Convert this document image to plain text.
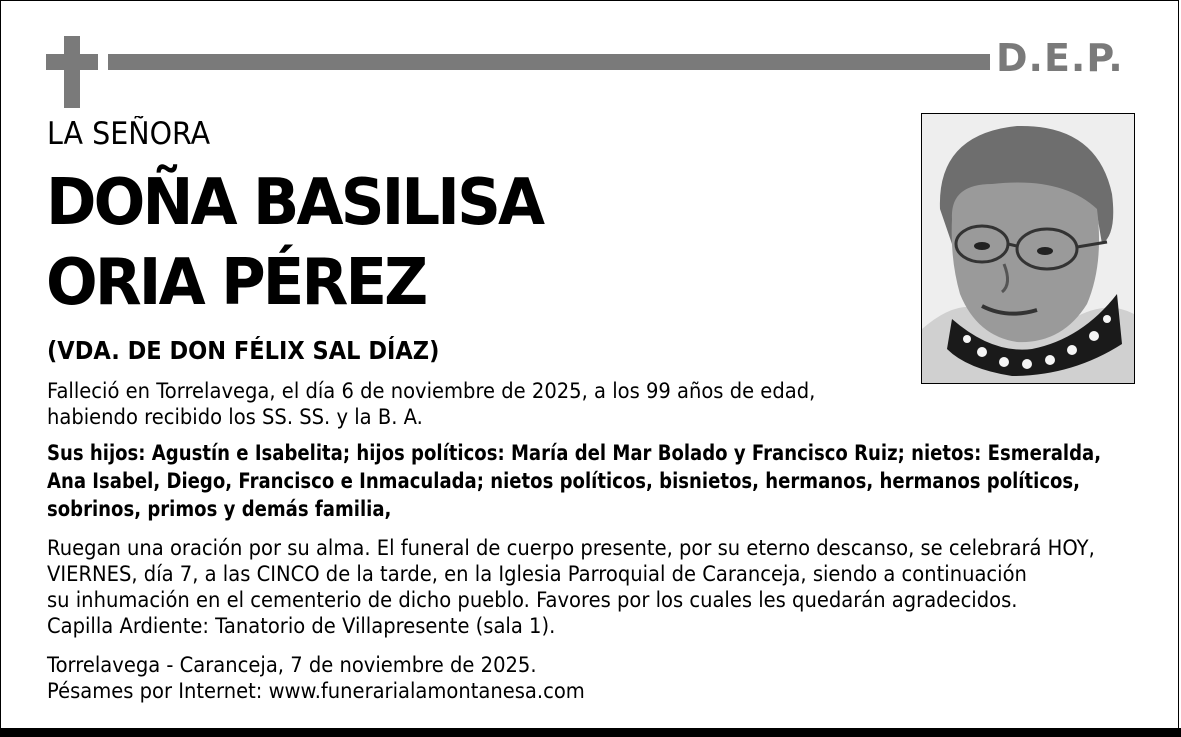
D.E.P.
LA SEÑORA
DOÑA BASILISA
ORIA PÉREZ
(VDA. DE DON FÉLIX SAL DÍAZ)
Falleció en Torrelavega, el día 6 de noviembre de 2025, a los 99 años de edad,
habiendo recibido los SS. SS. y la B. A.
Sus hijos: Agustín e Isabelita; hijos políticos: María del Mar Bolado y Francisco Ruiz; nietos: Esmeralda,
Ana Isabel, Diego, Francisco e Inmaculada; nietos políticos, bisnietos, hermanos, hermanos políticos,
sobrinos, primos y demás familia,
Ruegan una oración por su alma. El funeral de cuerpo presente, por su eterno descanso, se celebrará HOY,
VIERNES, día 7, a las CINCO de la tarde, en la Iglesia Parroquial de Caranceja, siendo a continuación
su inhumación en el cementerio de dicho pueblo. Favores por los cuales les quedarán agradecidos.
Capilla Ardiente: Tanatorio de Villapresente (sala 1).
Torrelavega - Caranceja, 7 de noviembre de 2025.
Pésames por Internet: www.funerarialamontanesa.com
